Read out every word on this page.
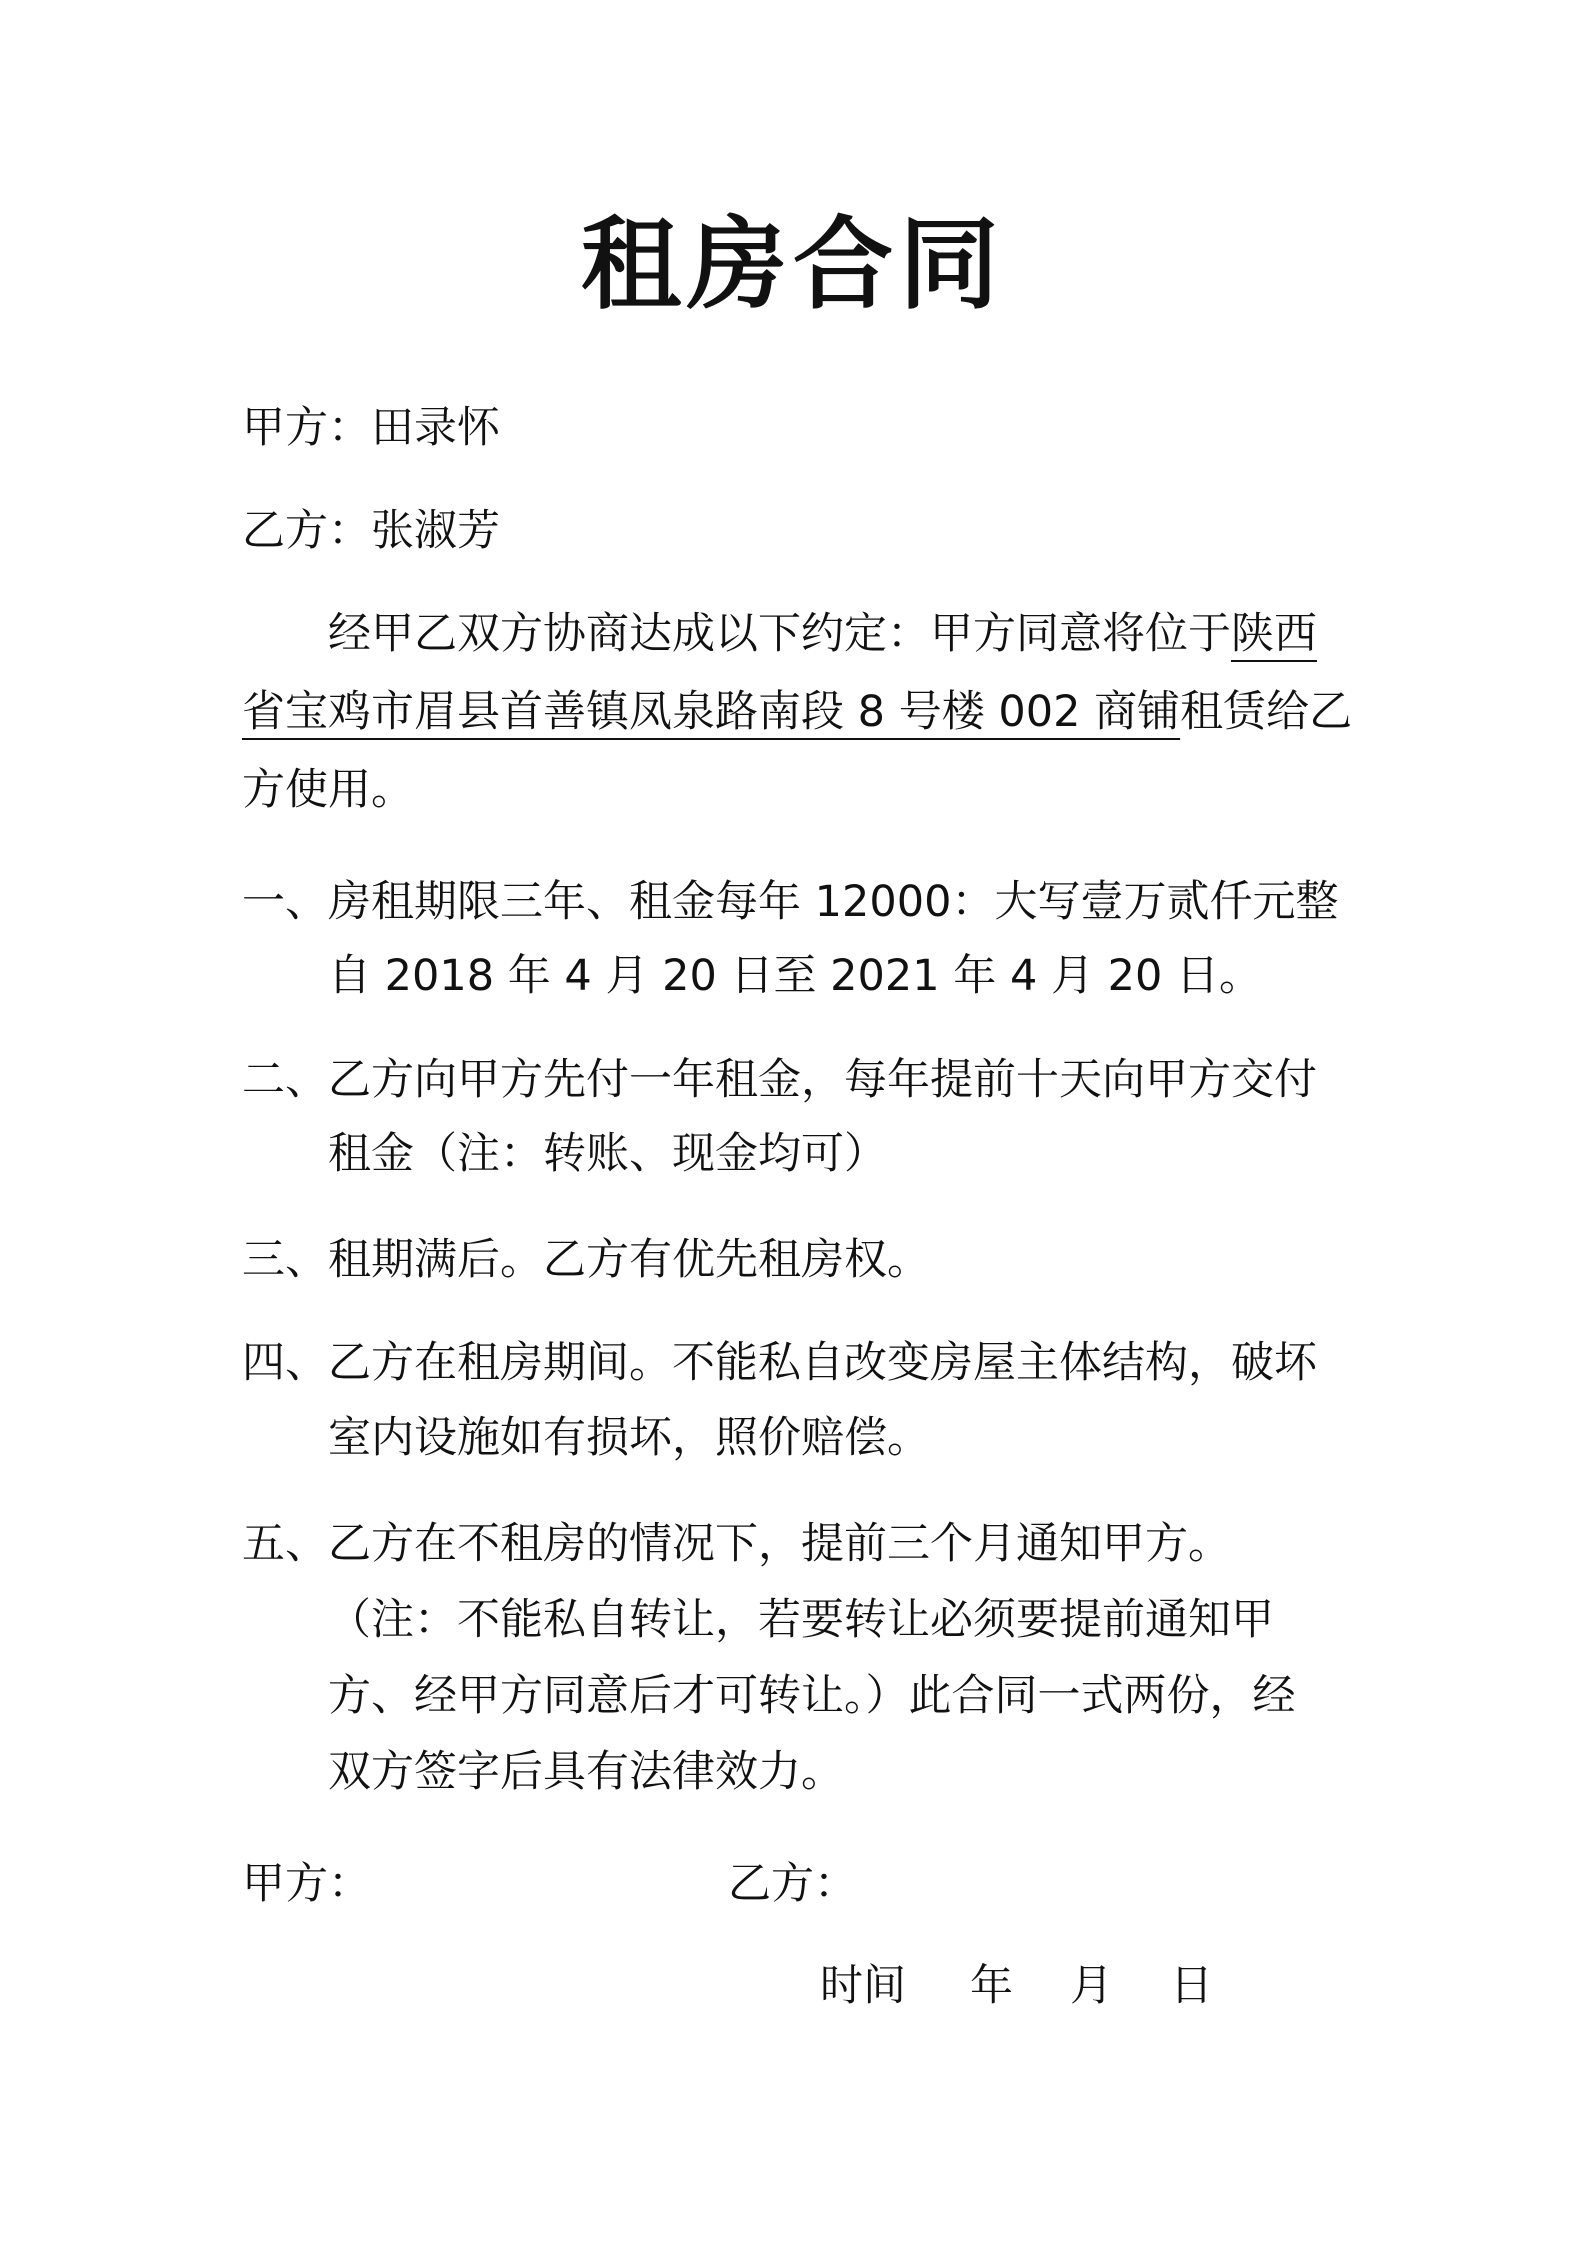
租房合同
甲方：田录怀
乙方：张淑芳
经甲乙双方协商达成以下约定：甲方同意将位于陕西
省宝鸡市眉县首善镇凤泉路南段 8 号楼 002 商铺租赁给乙
方使用。
一、房租期限三年、租金每年 12000：大写壹万贰仟元整
自 2018 年 4 月 20 日至 2021 年 4 月 20 日。
二、乙方向甲方先付一年租金，每年提前十天向甲方交付
租金（注：转账、现金均可）
三、租期满后。乙方有优先租房权。
四、乙方在租房期间。不能私自改变房屋主体结构，破坏
室内设施如有损坏，照价赔偿。
五、乙方在不租房的情况下，提前三个月通知甲方。
（注：不能私自转让，若要转让必须要提前通知甲
方、经甲方同意后才可转让。）此合同一式两份，经
双方签字后具有法律效力。
甲方：	乙方：
时间 年 月 日
